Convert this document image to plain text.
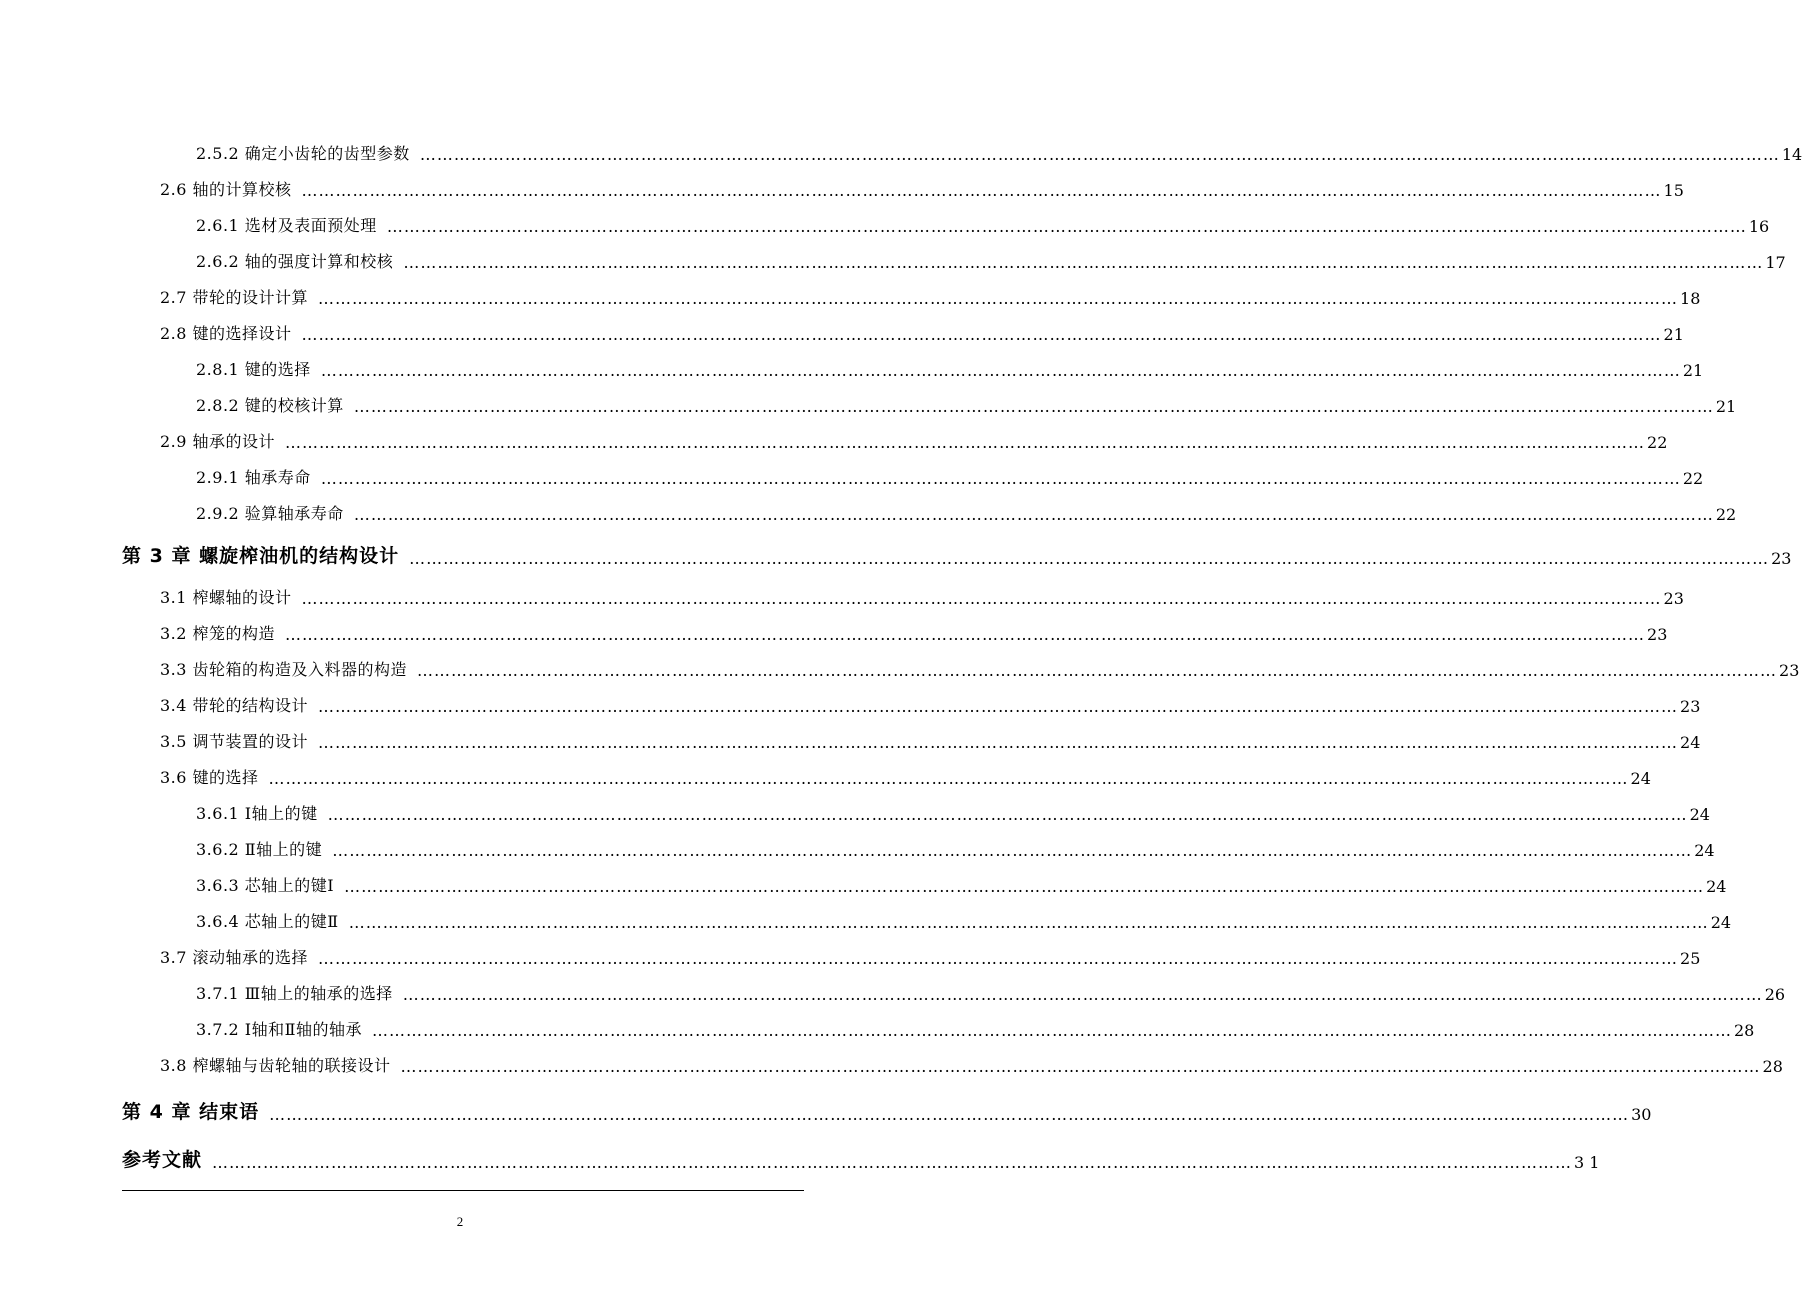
2.5.2 确定小齿轮的齿型参数 …………………………………………………………………………………………………………………………………………………………………………………………………………………… 14
2.6 轴的计算校核 …………………………………………………………………………………………………………………………………………………………………………………………………………………… 15
2.6.1 选材及表面预处理 …………………………………………………………………………………………………………………………………………………………………………………………………………………… 16
2.6.2 轴的强度计算和校核 …………………………………………………………………………………………………………………………………………………………………………………………………………………… 17
2.7 带轮的设计计算 …………………………………………………………………………………………………………………………………………………………………………………………………………………… 18
2.8 键的选择设计 …………………………………………………………………………………………………………………………………………………………………………………………………………………… 21
2.8.1 键的选择 …………………………………………………………………………………………………………………………………………………………………………………………………………………… 21
2.8.2 键的校核计算 …………………………………………………………………………………………………………………………………………………………………………………………………………………… 21
2.9 轴承的设计 …………………………………………………………………………………………………………………………………………………………………………………………………………………… 22
2.9.1 轴承寿命 …………………………………………………………………………………………………………………………………………………………………………………………………………………… 22
2.9.2 验算轴承寿命 …………………………………………………………………………………………………………………………………………………………………………………………………………………… 22
第 3 章 螺旋榨油机的结构设计 …………………………………………………………………………………………………………………………………………………………………………………………………………………… 23
3.1 榨螺轴的设计 …………………………………………………………………………………………………………………………………………………………………………………………………………………… 23
3.2 榨笼的构造 …………………………………………………………………………………………………………………………………………………………………………………………………………………… 23
3.3 齿轮箱的构造及入料器的构造 …………………………………………………………………………………………………………………………………………………………………………………………………………………… 23
3.4 带轮的结构设计 …………………………………………………………………………………………………………………………………………………………………………………………………………………… 23
3.5 调节装置的设计 …………………………………………………………………………………………………………………………………………………………………………………………………………………… 24
3.6 键的选择 …………………………………………………………………………………………………………………………………………………………………………………………………………………… 24
3.6.1 Ⅰ轴上的键 …………………………………………………………………………………………………………………………………………………………………………………………………………………… 24
3.6.2 Ⅱ轴上的键 …………………………………………………………………………………………………………………………………………………………………………………………………………………… 24
3.6.3 芯轴上的键Ⅰ …………………………………………………………………………………………………………………………………………………………………………………………………………………… 24
3.6.4 芯轴上的键Ⅱ …………………………………………………………………………………………………………………………………………………………………………………………………………………… 24
3.7 滚动轴承的选择 …………………………………………………………………………………………………………………………………………………………………………………………………………………… 25
3.7.1 Ⅲ轴上的轴承的选择 …………………………………………………………………………………………………………………………………………………………………………………………………………………… 26
3.7.2 Ⅰ轴和Ⅱ轴的轴承 …………………………………………………………………………………………………………………………………………………………………………………………………………………… 28
3.8 榨螺轴与齿轮轴的联接设计 …………………………………………………………………………………………………………………………………………………………………………………………………………………… 28
第 4 章 结束语 …………………………………………………………………………………………………………………………………………………………………………………………………………………… 30
参考文献 …………………………………………………………………………………………………………………………………………………………………………………………………………………… 3 1
2
